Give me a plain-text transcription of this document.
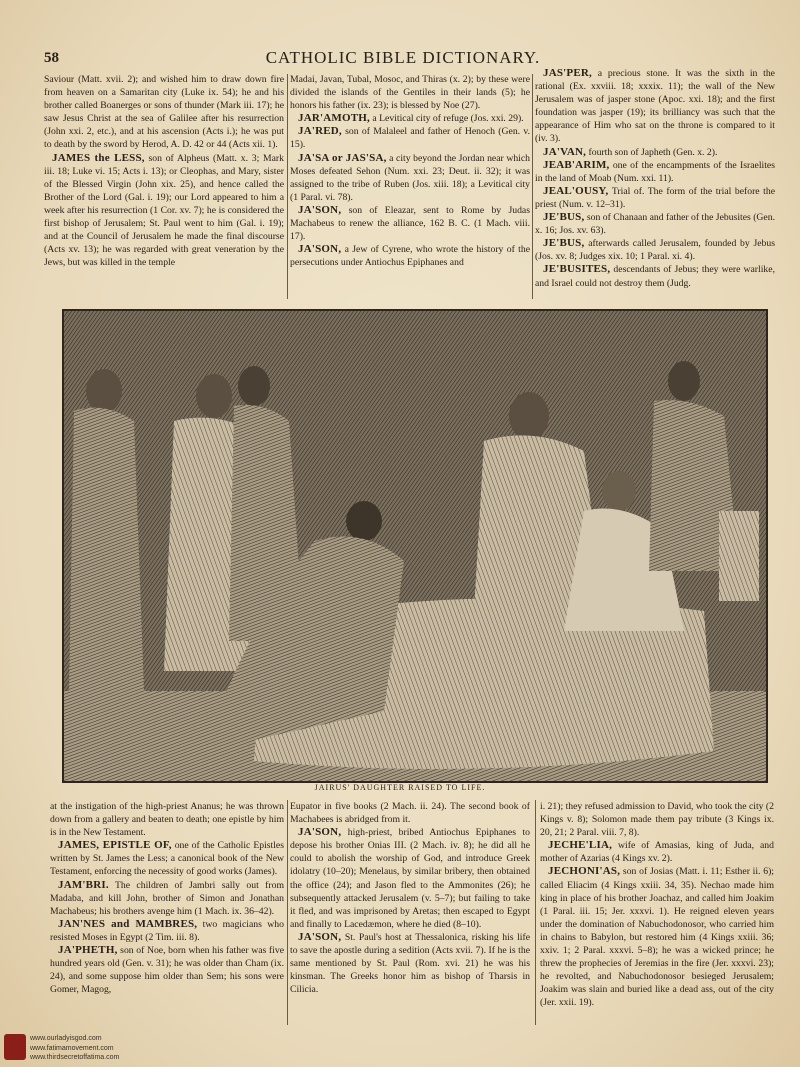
58	CATHOLIC BIBLE DICTIONARY.

Saviour (Matt. xvii. 2); and wished him to draw down fire from heaven on a Samaritan city (Luke ix. 54); he and his brother called Boanerges or sons of thunder (Mark iii. 17); he saw Jesus Christ at the sea of Galilee after his resurrection (John xxi. 2, etc.), and at his ascension (Acts i.); he was put to death by the sword by Herod, A. D. 42 or 44 (Acts xii. 1).

JAMES the LESS, son of Alpheus (Matt. x. 3; Mark iii. 18; Luke vi. 15; Acts i. 13); or Cleophas, and Mary, sister of the Blessed Virgin (John xix. 25), and hence called the Brother of the Lord (Gal. i. 19); our Lord appeared to him a week after his resurrection (1 Cor. xv. 7); he is considered the first bishop of Jerusalem; St. Paul went to him (Gal. i. 19); and at the Council of Jerusalem he made the final discourse (Acts xv. 13); he was regarded with great veneration by the Jews, but was killed in the temple

Madai, Javan, Tubal, Mosoc, and Thiras (x. 2); by these were divided the islands of the Gentiles in their lands (5); he honors his father (ix. 23); is blessed by Noe (27).

JAR'AMOTH, a Levitical city of refuge (Jos. xxi. 29).

JA'RED, son of Malaleel and father of Henoch (Gen. v. 15).

JA'SA or JAS'SA, a city beyond the Jordan near which Moses defeated Sehon (Num. xxi. 23; Deut. ii. 32); it was assigned to the tribe of Ruben (Jos. xiii. 18); a Levitical city (1 Paral. vi. 78).

JA'SON, son of Eleazar, sent to Rome by Judas Machabeus to renew the alliance, 162 B. C. (1 Mach. viii. 17).

JA'SON, a Jew of Cyrene, who wrote the history of the persecutions under Antiochus Epiphanes and

JAS'PER, a precious stone. It was the sixth in the rational (Ex. xxviii. 18; xxxix. 11); the wall of the New Jerusalem was of jasper stone (Apoc. xxi. 18); and the first foundation was jasper (19); its brilliancy was such that the appearance of Him who sat on the throne is compared to it (iv. 3).

JA'VAN, fourth son of Japheth (Gen. x. 2).

JEAB'ARIM, one of the encampments of the Israelites in the land of Moab (Num. xxi. 11).

JEAL'OUSY, Trial of. The form of the trial before the priest (Num. v. 12–31).

JE'BUS, son of Chanaan and father of the Jebusites (Gen. x. 16; Jos. xv. 63).

JE'BUS, afterwards called Jerusalem, founded by Jebus (Jos. xv. 8; Judges xix. 10; 1 Paral. xi. 4).

JE'BUSITES, descendants of Jebus; they were warlike, and Israel could not destroy them (Judg.

JAIRUS' DAUGHTER RAISED TO LIFE.

at the instigation of the high-priest Ananus; he was thrown down from a gallery and beaten to death; one epistle by him is in the New Testament.

JAMES, EPISTLE OF, one of the Catholic Epistles written by St. James the Less; a canonical book of the New Testament, enforcing the necessity of good works (James).

JAM'BRI. The children of Jambri sally out from Madaba, and kill John, brother of Simon and Jonathan Machabeus; his brothers avenge him (1 Mach. ix. 36–42).

JAN'NES and MAMBRES, two magicians who resisted Moses in Egypt (2 Tim. iii. 8).

JA'PHETH, son of Noe, born when his father was five hundred years old (Gen. v. 31); he was older than Cham (ix. 24), and some suppose him older than Sem; his sons were Gomer, Magog,

Eupator in five books (2 Mach. ii. 24). The second book of Machabees is abridged from it.

JA'SON, high-priest, bribed Antiochus Epiphanes to depose his brother Onias III. (2 Mach. iv. 8); he did all he could to abolish the worship of God, and introduce Greek idolatry (10–20); Menelaus, by similar bribery, then obtained the office (24); and Jason fled to the Ammonites (26); he subsequently attacked Jerusalem (v. 5–7); but failing to take it fled, and was imprisoned by Aretas; then escaped to Egypt and finally to Lacedæmon, where he died (8–10).

JA'SON, St. Paul's host at Thessalonica, risking his life to save the apostle during a sedition (Acts xvii. 7). If he is the same mentioned by St. Paul (Rom. xvi. 21) he was his kinsman. The Greeks honor him as bishop of Tharsis in Cilicia.

i. 21); they refused admission to David, who took the city (2 Kings v. 8); Solomon made them pay tribute (3 Kings ix. 20, 21; 2 Paral. viii. 7, 8).

JECHE'LIA, wife of Amasias, king of Juda, and mother of Azarias (4 Kings xv. 2).

JECHONI'AS, son of Josias (Matt. i. 11; Esther ii. 6); called Eliacim (4 Kings xxiii. 34, 35). Nechao made him king in place of his brother Joachaz, and called him Joakim (1 Paral. iii. 15; Jer. xxxvi. 1). He reigned eleven years under the domination of Nabuchodonosor, who carried him in chains to Babylon, but restored him (4 Kings xxiii. 36; xxiv. 1; 2 Paral. xxxvi. 5–8); he was a wicked prince; he threw the prophecies of Jeremias in the fire (Jer. xxxvi. 23); he revolted, and Nabuchodonosor besieged Jerusalem; Joakim was slain and buried like a dead ass, out of the city (Jer. xxii. 19).

www.ourladyisgod.com
www.fatimamovement.com
www.thirdsecretoffatima.com
